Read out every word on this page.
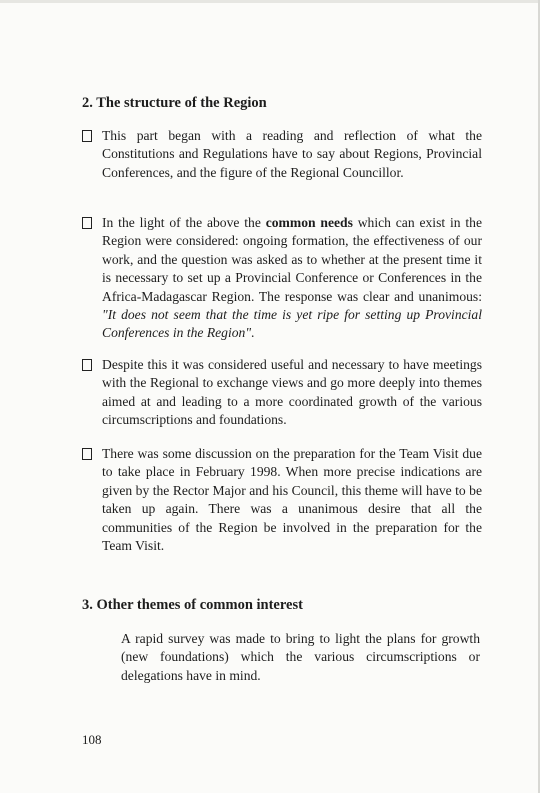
2. The structure of the Region
This part began with a reading and reflection of what the Constitutions and Regulations have to say about Regions, Provincial Conferences, and the figure of the Regional Councillor.
In the light of the above the common needs which can exist in the Region were considered: ongoing formation, the effectiveness of our work, and the question was asked as to whether at the present time it is necessary to set up a Provincial Conference or Conferences in the Africa-Madagascar Region. The response was clear and unanimous: "It does not seem that the time is yet ripe for setting up Provincial Conferences in the Region".
Despite this it was considered useful and necessary to have meetings with the Regional to exchange views and go more deeply into themes aimed at and leading to a more coordinated growth of the various circumscriptions and foundations.
There was some discussion on the preparation for the Team Visit due to take place in February 1998. When more precise indications are given by the Rector Major and his Council, this theme will have to be taken up again. There was a unanimous desire that all the communities of the Region be involved in the preparation for the Team Visit.
3. Other themes of common interest
A rapid survey was made to bring to light the plans for growth (new foundations) which the various circumscriptions or delegations have in mind.
108
